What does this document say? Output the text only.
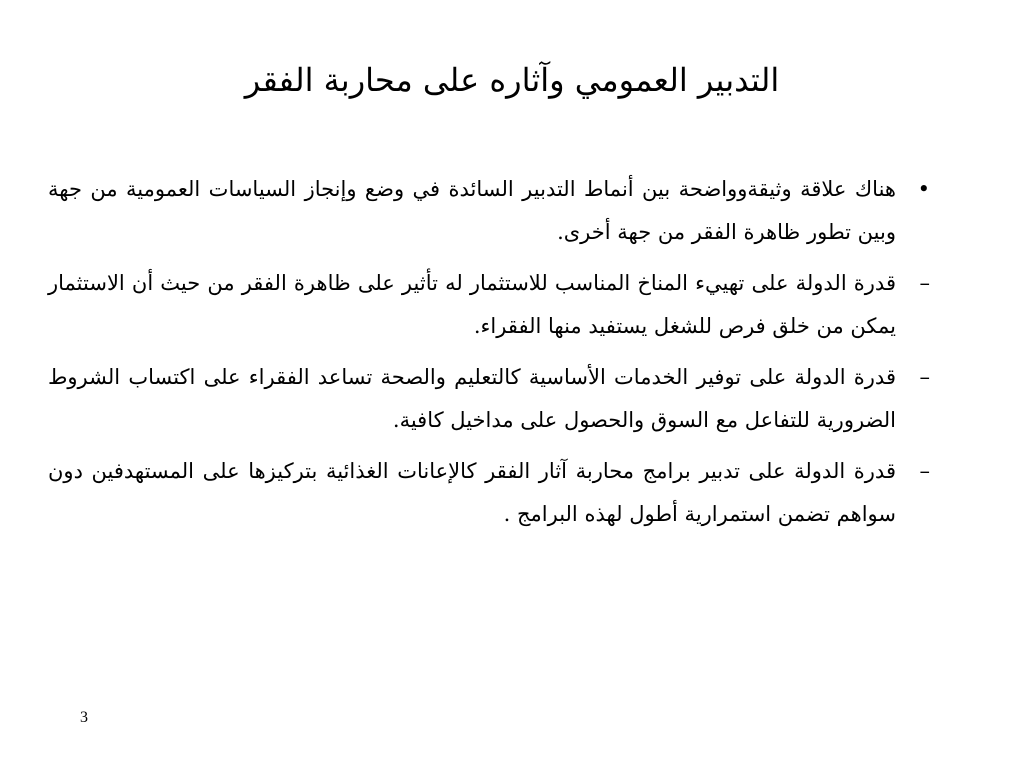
التدبير العمومي وآثاره على محاربة الفقر
•
هناك علاقة وثيقةوواضحة بين أنماط التدبير السائدة في وضع وإنجاز السياسات العمومية من جهة وبين تطور ظاهرة الفقر من جهة أخرى.
–
قدرة الدولة على تهييء المناخ المناسب للاستثمار له تأثير على ظاهرة الفقر من حيث أن الاستثمار يمكن من خلق فرص للشغل يستفيد منها الفقراء.
–
قدرة الدولة على توفير الخدمات الأساسية كالتعليم والصحة تساعد الفقراء على اكتساب الشروط الضرورية للتفاعل مع السوق والحصول على مداخيل كافية.
–
قدرة الدولة على تدبير برامج محاربة آثار الفقر كالإعانات الغذائية بتركيزها على المستهدفين دون سواهم تضمن استمرارية أطول لهذه البرامج .
3
